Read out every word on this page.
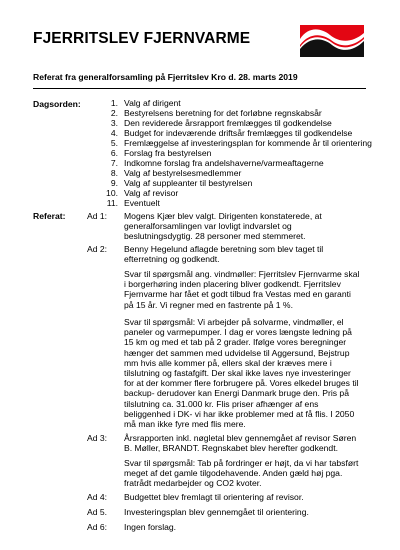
FJERRITSLEV FJERNVARME
Referat fra generalforsamling på Fjerritslev Kro d. 28. marts 2019
Dagsorden:	1. Valg af dirigent
2. Bestyrelsens beretning for det forløbne regnskabsår
3. Den reviderede årsrapport fremlægges til godkendelse
4. Budget for indeværende driftsår fremlægges til godkendelse
5. Fremlæggelse af investeringsplan for kommende år til orientering
6. Forslag fra bestyrelsen
7. Indkomne forslag fra andelshaverne/varmeaftagerne
8. Valg af bestyrelsesmedlemmer
9. Valg af suppleanter til bestyrelsen
10. Valg af revisor
11. Eventuelt
Referat:	Ad 1: Mogens Kjær blev valgt. Dirigenten konstaterede, at
generalforsamlingen var lovligt indvarslet og
beslutningsdygtig. 28 personer med stemmeret.
Ad 2: Benny Hegelund aflagde beretning som blev taget til
efterretning og godkendt.
Svar til spørgsmål ang. vindmøller: Fjerritslev Fjernvarme skal
i borgerhøring inden placering bliver godkendt. Fjerritslev
Fjernvarme har fået et godt tilbud fra Vestas med en garanti
på 15 år. Vi regner med en fastrente på 1 %.
Svar til spørgsmål: Vi arbejder på solvarme, vindmøller, el
paneler og varmepumper. I dag er vores længste ledning på
15 km og med et tab på 2 grader. Ifølge vores beregninger
hænger det sammen med udvidelse til Aggersund, Bejstrup
mm hvis alle kommer på, ellers skal der kræves mere i
tilslutning og fastafgift. Der skal ikke laves nye investeringer
for at der kommer flere forbrugere på. Vores elkedel bruges til
backup- derudover kan Energi Danmark bruge den. Pris på
tilslutning ca. 31.000 kr. Flis priser afhænger af ens
beliggenhed i DK- vi har ikke problemer med at få flis. I 2050
må man ikke fyre med flis mere.
Ad 3: Årsrapporten inkl. nøgletal blev gennemgået af revisor Søren
B. Møller, BRANDT. Regnskabet blev herefter godkendt.
Svar til spørgsmål: Tab på fordringer er højt, da vi har tabsført
meget af det gamle tilgodehavende. Anden gæld høj pga.
fratrådt medarbejder og CO2 kvoter.
Ad 4: Budgettet blev fremlagt til orientering af revisor.
Ad 5. Investeringsplan blev gennemgået til orientering.
Ad 6: Ingen forslag.
